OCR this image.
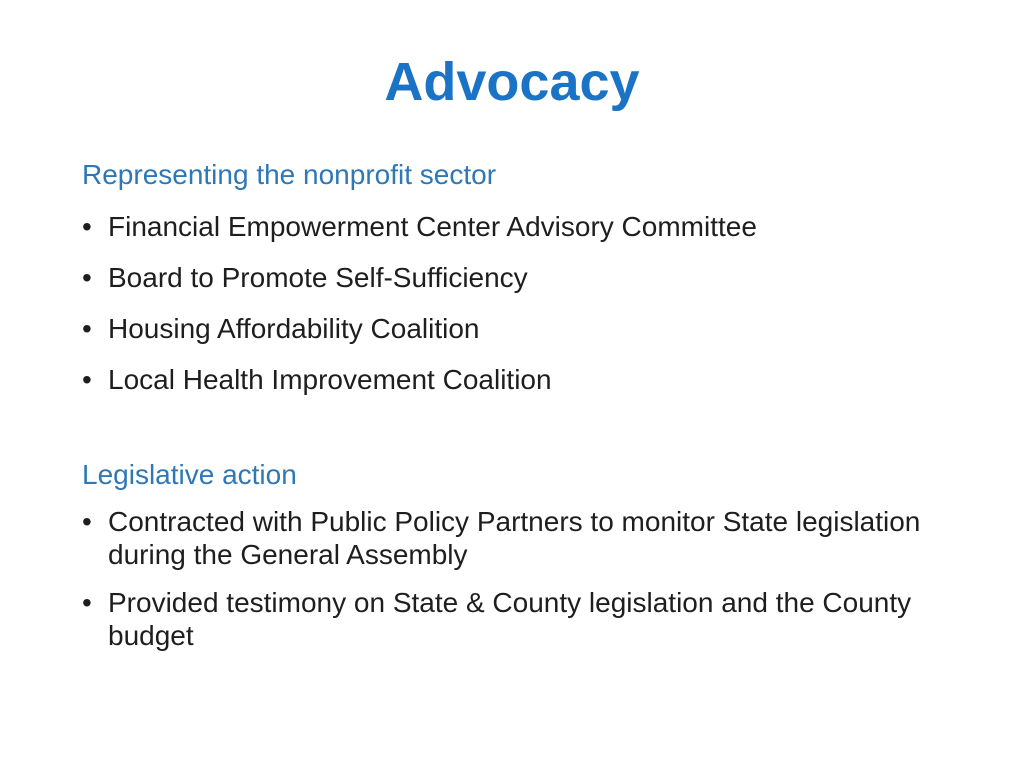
Advocacy
Representing the nonprofit sector
• Financial Empowerment Center Advisory Committee
• Board to Promote Self-Sufficiency
• Housing Affordability Coalition
• Local Health Improvement Coalition
Legislative action
• Contracted with Public Policy Partners to monitor State legislation during the General Assembly
• Provided testimony on State & County legislation and the County budget
